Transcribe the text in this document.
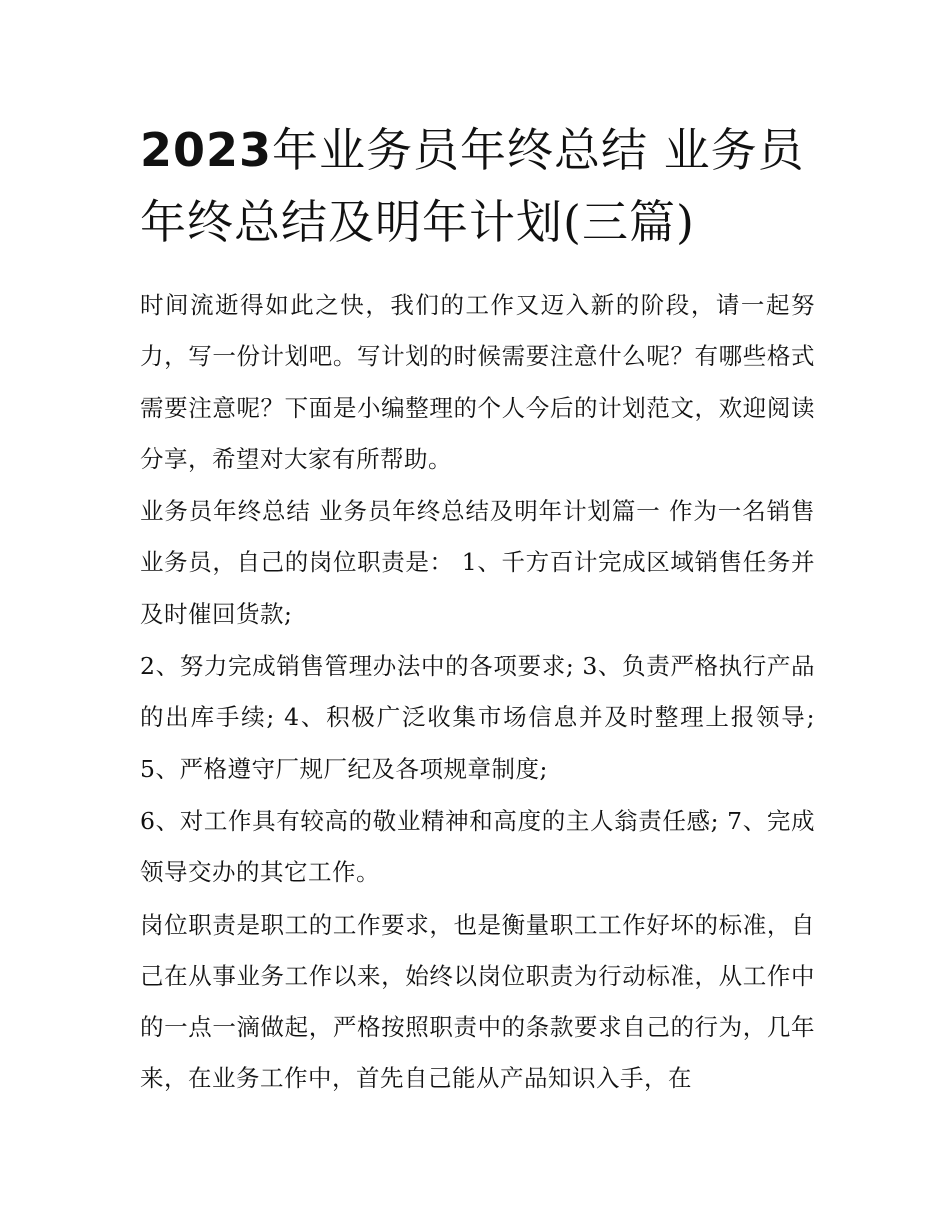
2023年业务员年终总结 业务员年终总结及明年计划(三篇)

时间流逝得如此之快，我们的工作又迈入新的阶段，请一起努力，写一份计划吧。写计划的时候需要注意什么呢？有哪些格式需要注意呢？下面是小编整理的个人今后的计划范文，欢迎阅读分享，希望对大家有所帮助。

业务员年终总结 业务员年终总结及明年计划篇一 作为一名销售业务员，自己的岗位职责是： 1、千方百计完成区域销售任务并及时催回货款;

2、努力完成销售管理办法中的各项要求; 3、负责严格执行产品的出库手续; 4、积极广泛收集市场信息并及时整理上报领导; 5、严格遵守厂规厂纪及各项规章制度;

6、对工作具有较高的敬业精神和高度的主人翁责任感; 7、完成领导交办的其它工作。

岗位职责是职工的工作要求，也是衡量职工工作好坏的标准，自己在从事业务工作以来，始终以岗位职责为行动标准，从工作中的一点一滴做起，严格按照职责中的条款要求自己的行为，几年来，在业务工作中，首先自己能从产品知识入手，在
